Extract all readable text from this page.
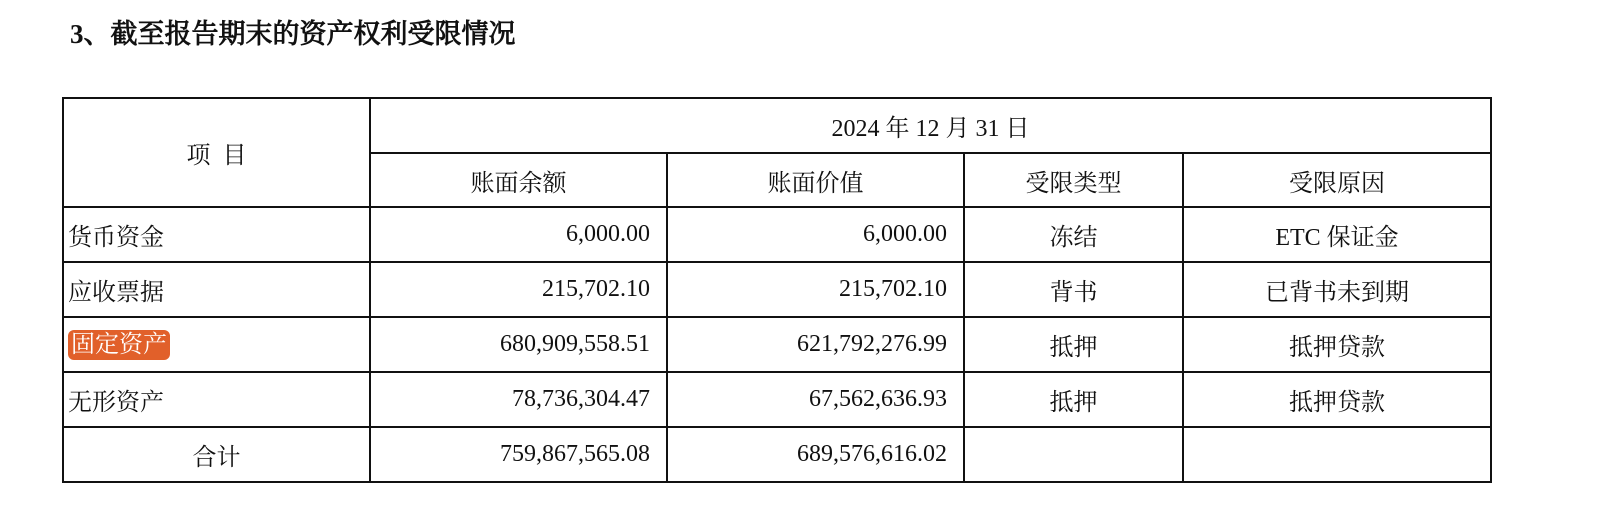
3、截至报告期末的资产权利受限情况
项  目	2024 年 12 月 31 日			
	账面余额	账面价值	受限类型	受限原因
货币资金	6,000.00	6,000.00	冻结	ETC 保证金
应收票据	215,702.10	215,702.10	背书	已背书未到期
固定资产	680,909,558.51	621,792,276.99	抵押	抵押贷款
无形资产	78,736,304.47	67,562,636.93	抵押	抵押贷款
合计	759,867,565.08	689,576,616.02		
